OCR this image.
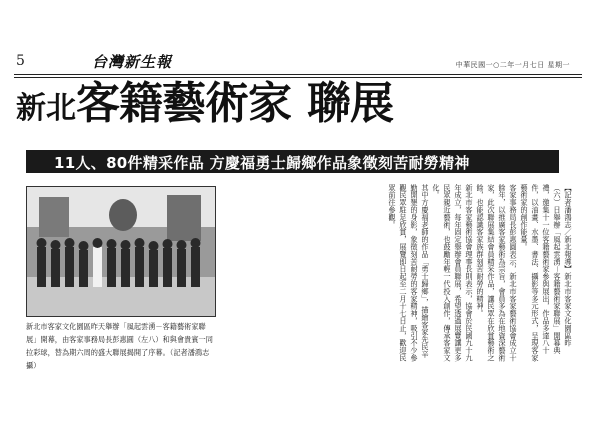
5	台灣新生報	中華民國一○二年一月七日 星期一
新北客籍藝術家 聯展
11人、80件精采作品 方慶福勇士歸鄉作品象徵刻苦耐勞精神
新北市客家文化園區昨天舉辦「風起雲湧－客籍藝術家聯展」開幕，由客家事務局長彭惠圓（左八）和與會貴賓一同拉彩球，替為期六周的盛大聯展揭開了序幕。（記者潘鴻志攝）

【記者潘鴻志／新北報導】新北市客家文化園區昨（六）日舉辦「風起雲湧－客籍藝術家聯展」開幕典禮，邀集十一位客籍藝術家參與展出，作品多達八十件，以油畫、水墨、書法、攝影等多元形式，呈現客家藝術家的創作能量。

客家事務局長彭惠圓表示，新北市客家藝術協會成立十餘年，以推廣客家藝術為宗旨，會員多為在地資深藝術家，此次聯展集結會員精采作品，讓民眾在欣賞藝術之餘，也能認識客家族群刻苦耐勞的精神。

新北市客家藝術協會理事長則表示，協會於民國九十九年成立，每年固定舉辦會員聯展，希望透過展覽讓更多民眾親近藝術，也鼓勵年輕一代投入創作，傳承客家文化。

其中方慶福老師的作品「勇士歸鄉」，描繪客家先民辛勤開墾的身影，象徵刻苦耐勞的客家精神，吸引不少參觀民眾駐足欣賞，展覽即日起至二月十七日止，歡迎民眾前往參觀。
